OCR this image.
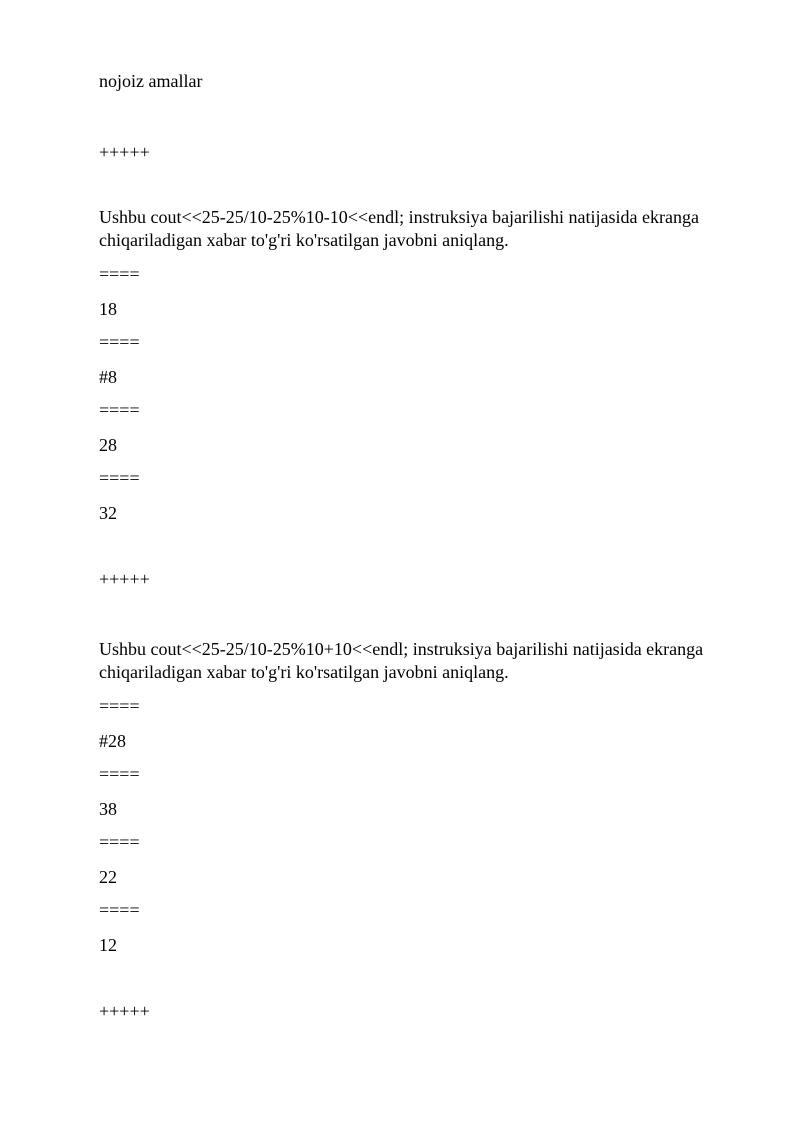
nojoiz amallar
+++++
Ushbu cout<<25-25/10-25%10-10<<endl; instruksiya bajarilishi natijasida ekranga
chiqariladigan xabar to'g'ri ko'rsatilgan javobni aniqlang.
====
18
====
#8
====
28
====
32
+++++
Ushbu cout<<25-25/10-25%10+10<<endl; instruksiya bajarilishi natijasida ekranga
chiqariladigan xabar to'g'ri ko'rsatilgan javobni aniqlang.
====
#28
====
38
====
22
====
12
+++++
